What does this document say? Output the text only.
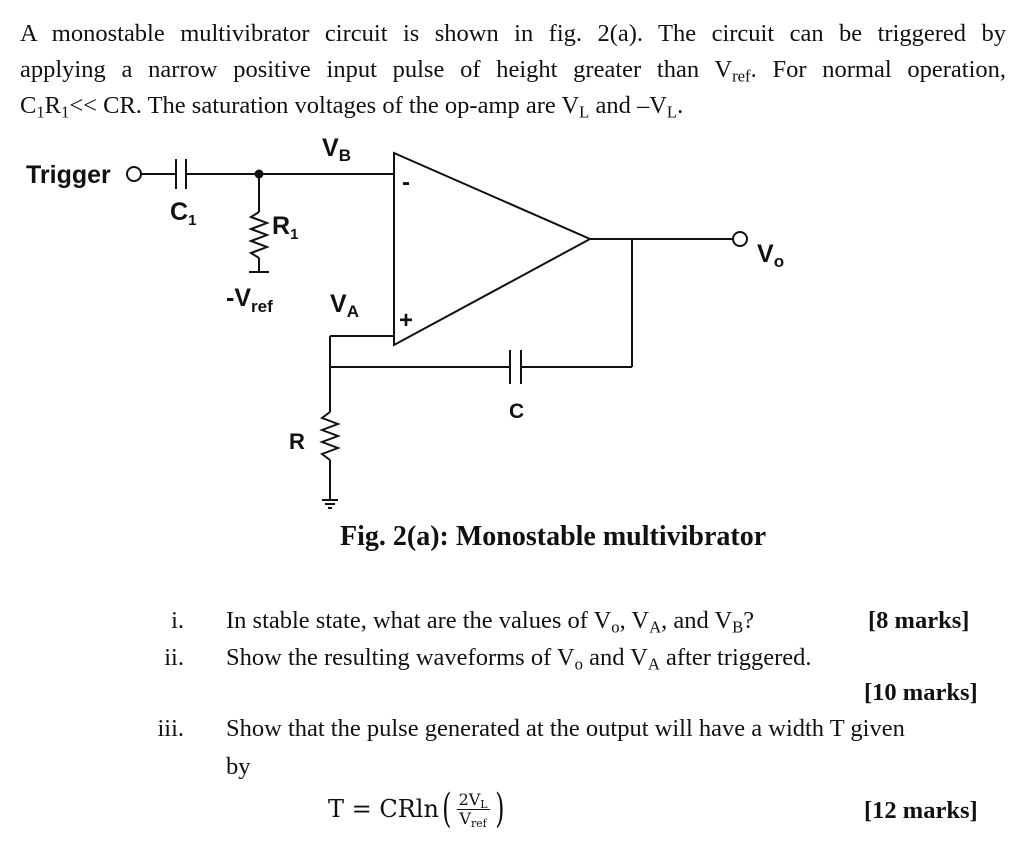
A monostable multivibrator circuit is shown in fig. 2(a). The circuit can be triggered by
applying a narrow positive input pulse of height greater than $V_{ref}$. For normal operation,
$C_1R_1<<$ CR. The saturation voltages of the op-amp are $V_L$ and $-V_L$.
Trigger
$C_1$	$R_1$
$-V_{ref}$
$V_B$
$V_A$
-
+
$V_o$
C
R

Fig. 2(a): Monostable multivibrator

i. In stable state, what are the values of $V_o$, $V_A$, and $V_B$?	[8 marks]
ii. Show the resulting waveforms of $V_o$ and $V_A$ after triggered.
[10 marks]
iii. Show that the pulse generated at the output will have a width T given
by
T = CRln ( $\frac{2V_L}{V_{ref}}$ )	[12 marks]
